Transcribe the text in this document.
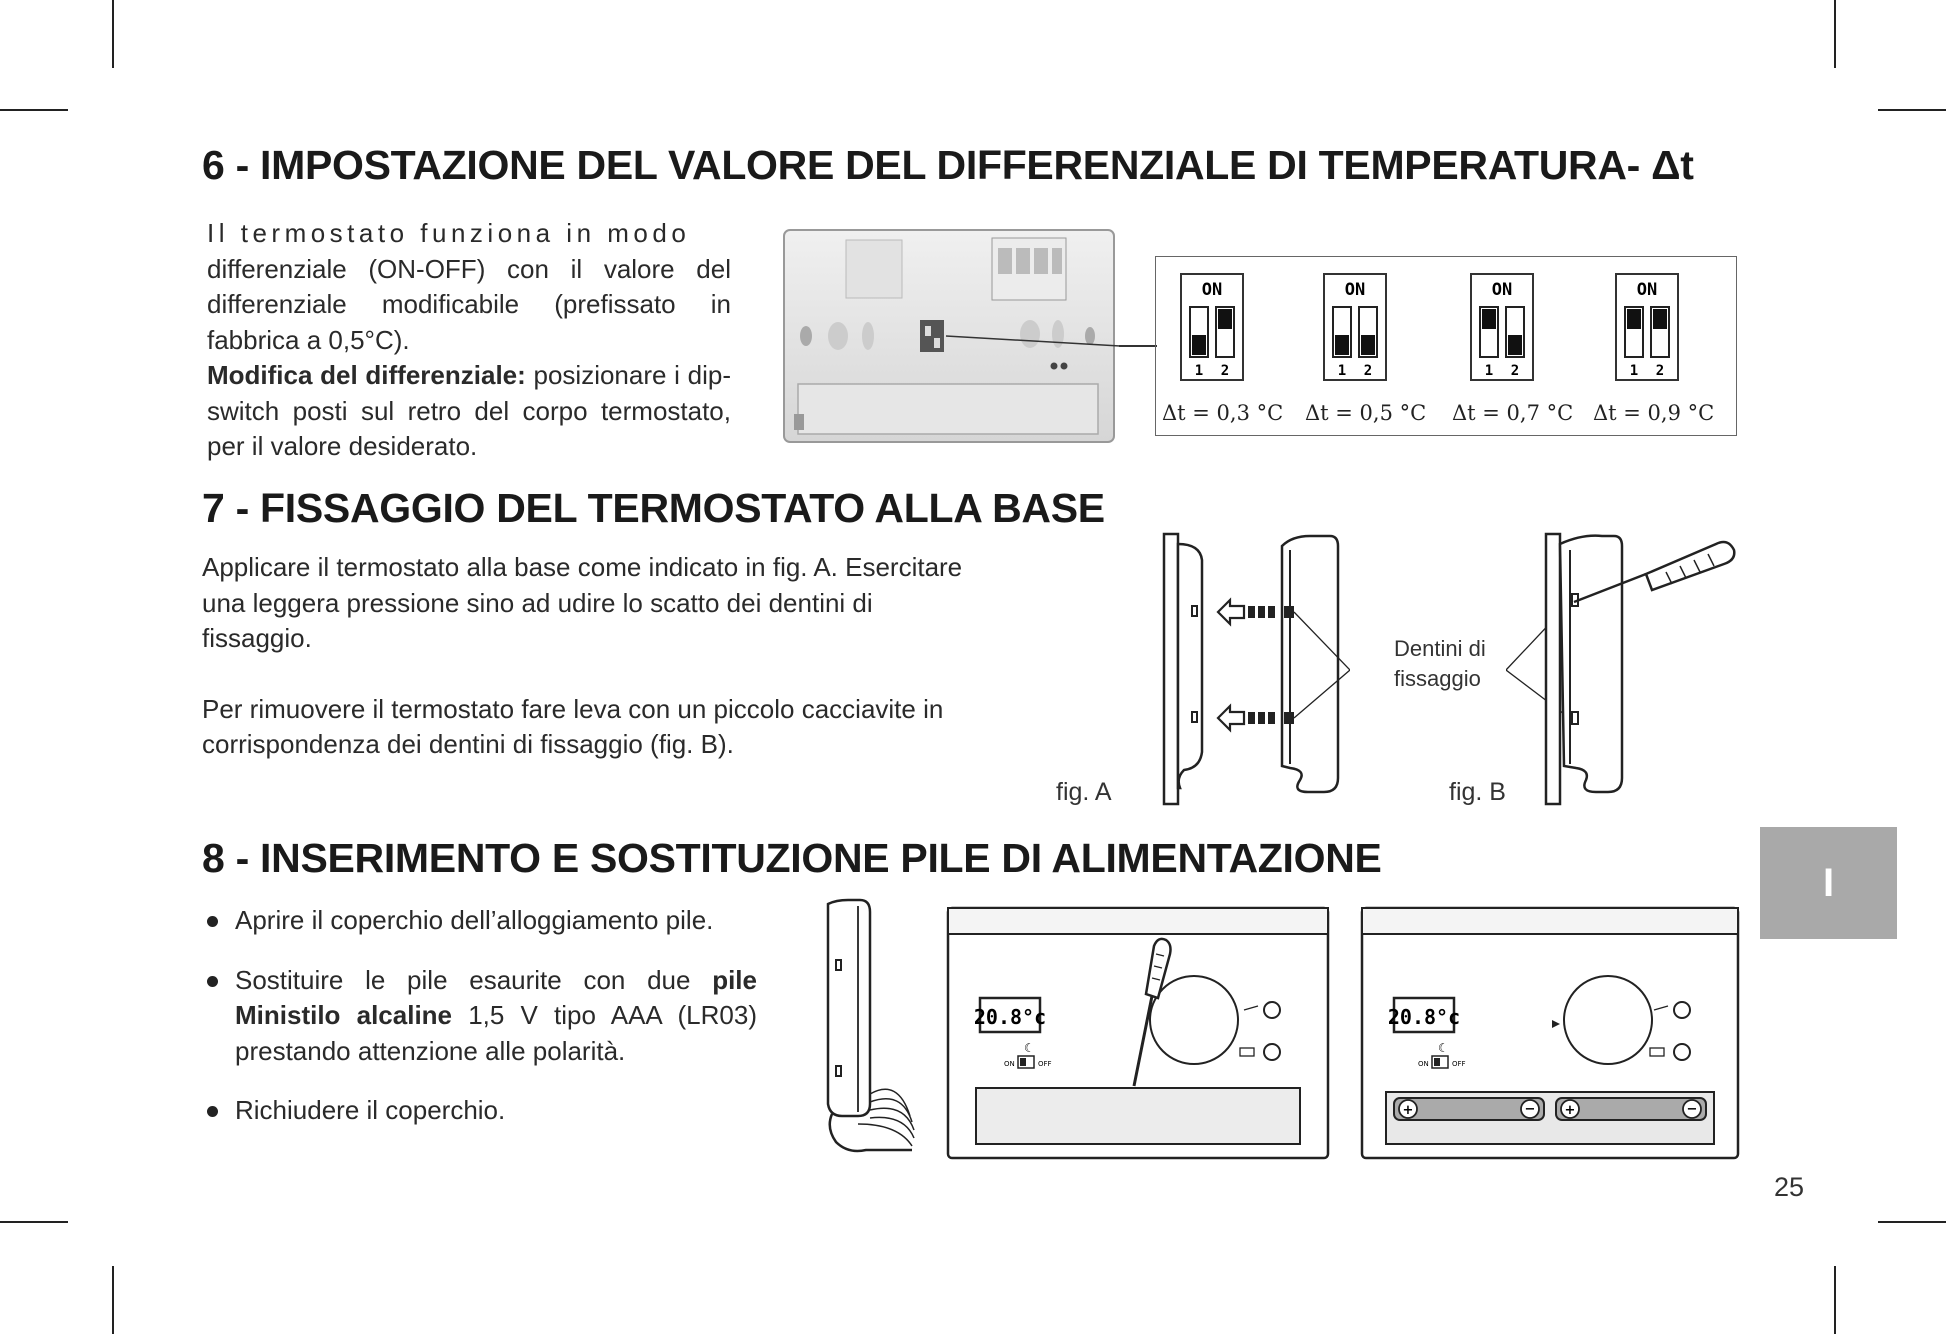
6 - IMPOSTAZIONE DEL VALORE DEL DIFFERENZIALE DI TEMPERATURA- Δt

Il termostato funziona in modo

differenziale (ON-OFF) con il valore del differenziale modificabile (prefissato in fabbrica a 0,5°C).

Modifica del differenziale: posizionare i dip-switch posti sul retro del corpo termostato, per il valore desiderato.

ON
1 2
ON
1 2
ON
1 2
ON
1 2
Δt = 0,3 °C Δt = 0,5 °C Δt = 0,7 °C Δt = 0,9 °C
7 - FISSAGGIO DEL TERMOSTATO ALLA BASE

Applicare il termostato alla base come indicato in fig. A. Esercitare una leggera pressione sino ad udire lo scatto dei dentini di fissaggio.

Per rimuovere il termostato fare leva con un piccolo cacciavite in corrispondenza dei dentini di fissaggio (fig. B).

fig. A
Dentini di
fissaggio
fig. B
8 - INSERIMENTO E SOSTITUZIONE PILE DI ALIMENTAZIONE
Aprire il coperchio dell’alloggiamento pile.
Sostituire le pile esaurite con due pile Ministilo alcaline 1,5 V tipo AAA (LR03) prestando attenzione alle polarità.
Richiudere il coperchio.
20.8°c
ON	OFF
☾
20.8°c
ON	OFF
☾
+	− +	−
I
25
